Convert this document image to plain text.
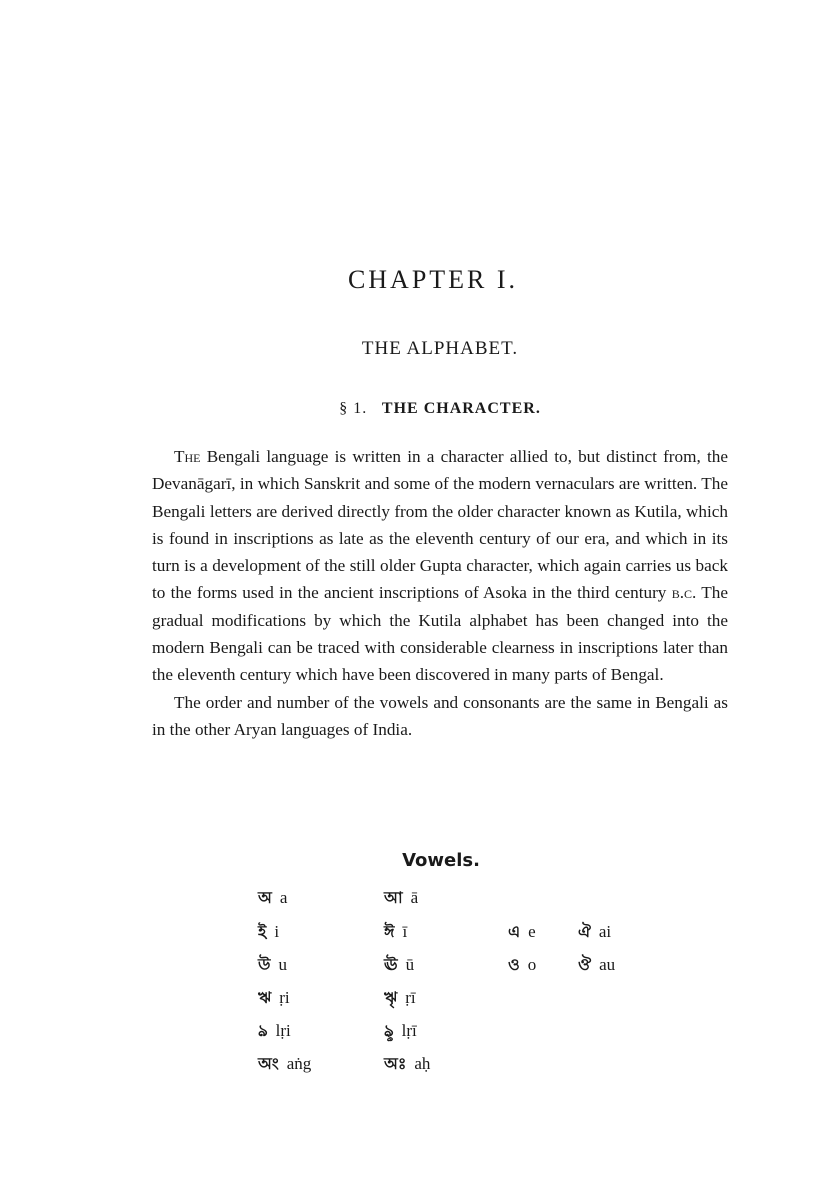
CHAPTER I.
THE ALPHABET.
§ 1. THE CHARACTER.

The Bengali language is written in a character allied to, but distinct from, the Devanāgarī, in which Sanskrit and some of the modern vernaculars are written. The Bengali letters are derived directly from the older character known as Kutila, which is found in inscriptions as late as the eleventh century of our era, and which in its turn is a development of the still older Gupta character, which again carries us back to the forms used in the ancient inscriptions of Asoka in the third century b.c. The gradual modifications by which the Kutila alphabet has been changed into the modern Bengali can be traced with considerable clearness in inscriptions later than the eleventh century which have been discovered in many parts of Bengal.

The order and number of the vowels and consonants are the same in Bengali as in the other Aryan languages of India.

Vowels.
অ a	আ ā
ই i	ঈ ī	এ e	ঐ ai
উ u	ঊ ū	ও o	ঔ au
ঋ ṛi	ৠ ṛī
ঌ lṛi	ৡ lṛī
অং aṅg	অঃ aḥ
